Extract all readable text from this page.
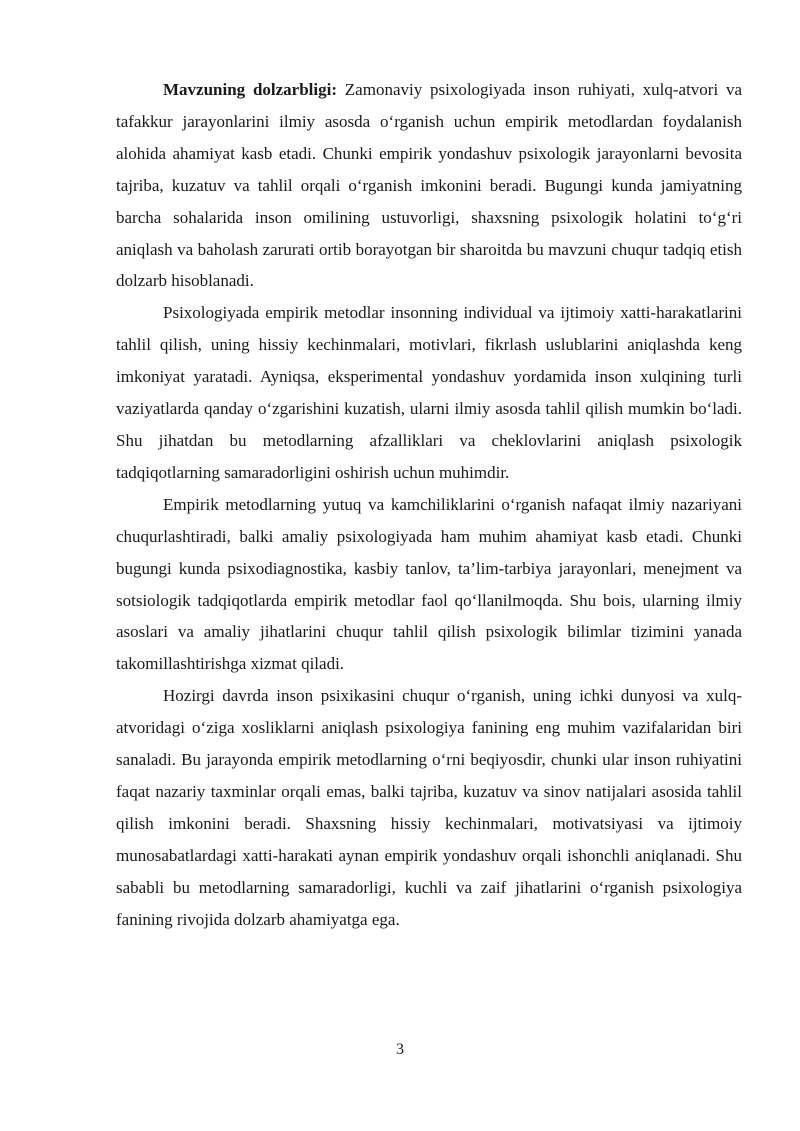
Mavzuning dolzarbligi: Zamonaviy psixologiyada inson ruhiyati, xulq-atvori va tafakkur jarayonlarini ilmiy asosda o‘rganish uchun empirik metodlardan foydalanish alohida ahamiyat kasb etadi. Chunki empirik yondashuv psixologik jarayonlarni bevosita tajriba, kuzatuv va tahlil orqali o‘rganish imkonini beradi. Bugungi kunda jamiyatning barcha sohalarida inson omilining ustuvorligi, shaxsning psixologik holatini to‘g‘ri aniqlash va baholash zarurati ortib borayotgan bir sharoitda bu mavzuni chuqur tadqiq etish dolzarb hisoblanadi.

Psixologiyada empirik metodlar insonning individual va ijtimoiy xatti-harakatlarini tahlil qilish, uning hissiy kechinmalari, motivlari, fikrlash uslublarini aniqlashda keng imkoniyat yaratadi. Ayniqsa, eksperimental yondashuv yordamida inson xulqining turli vaziyatlarda qanday o‘zgarishini kuzatish, ularni ilmiy asosda tahlil qilish mumkin bo‘ladi. Shu jihatdan bu metodlarning afzalliklari va cheklovlarini aniqlash psixologik tadqiqotlarning samaradorligini oshirish uchun muhimdir.

Empirik metodlarning yutuq va kamchiliklarini o‘rganish nafaqat ilmiy nazariyani chuqurlashtiradi, balki amaliy psixologiyada ham muhim ahamiyat kasb etadi. Chunki bugungi kunda psixodiagnostika, kasbiy tanlov, ta’lim-tarbiya jarayonlari, menejment va sotsiologik tadqiqotlarda empirik metodlar faol qo‘llanilmoqda. Shu bois, ularning ilmiy asoslari va amaliy jihatlarini chuqur tahlil qilish psixologik bilimlar tizimini yanada takomillashtirishga xizmat qiladi.

Hozirgi davrda inson psixikasini chuqur o‘rganish, uning ichki dunyosi va xulq-atvoridagi o‘ziga xosliklarni aniqlash psixologiya fanining eng muhim vazifalaridan biri sanaladi. Bu jarayonda empirik metodlarning o‘rni beqiyosdir, chunki ular inson ruhiyatini faqat nazariy taxminlar orqali emas, balki tajriba, kuzatuv va sinov natijalari asosida tahlil qilish imkonini beradi. Shaxsning hissiy kechinmalari, motivatsiyasi va ijtimoiy munosabatlardagi xatti-harakati aynan empirik yondashuv orqali ishonchli aniqlanadi. Shu sababli bu metodlarning samaradorligi, kuchli va zaif jihatlarini o‘rganish psixologiya fanining rivojida dolzarb ahamiyatga ega.

3
